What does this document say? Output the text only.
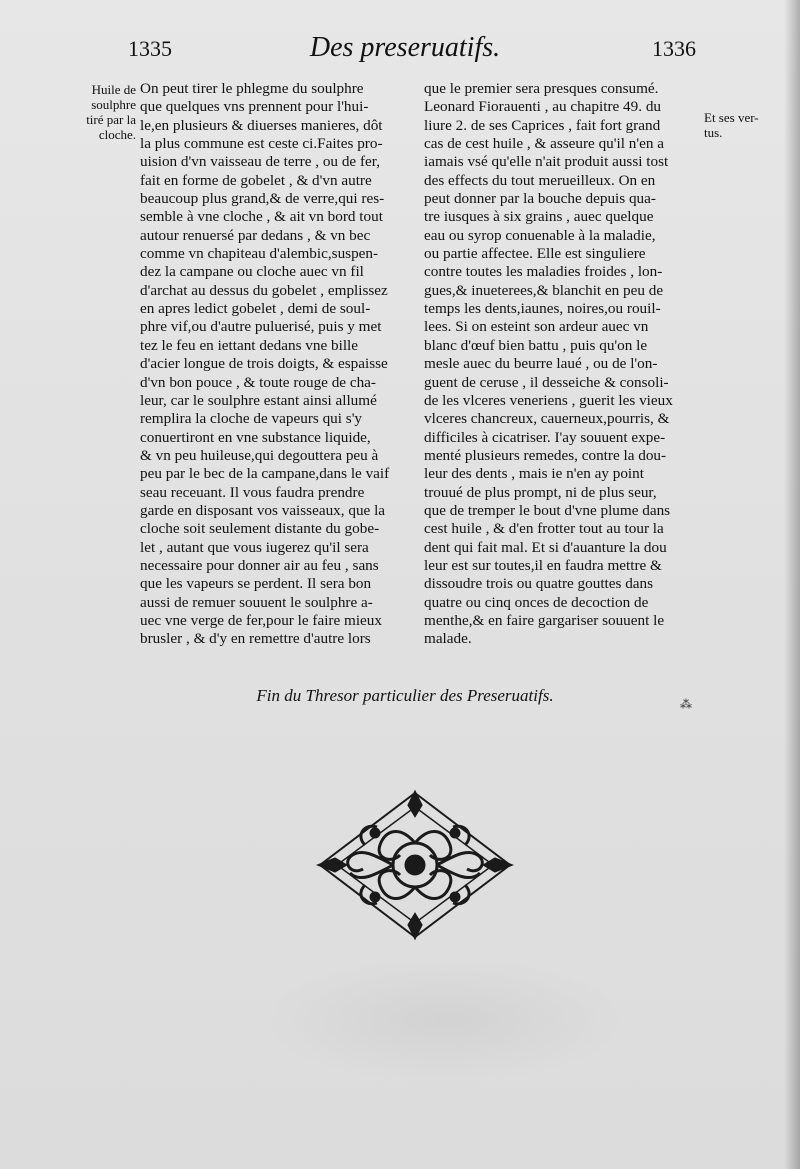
1335	Des preseruatifs.	1336
Huile de
soulphre
tiré par la
cloche.
Et ses ver-
tus.
On peut tirer le phlegme du soulphre
que quelques vns prennent pour l'hui-
le,en plusieurs & diuerses manieres, dôt
la plus commune est ceste ci.Faites pro-
uision d'vn vaisseau de terre , ou de fer,
fait en forme de gobelet , & d'vn autre
beaucoup plus grand,& de verre,qui res-
semble à vne cloche , & ait vn bord tout
autour renuersé par dedans , & vn bec
comme vn chapiteau d'alembic,suspen-
dez la campane ou cloche auec vn fil
d'archat au dessus du gobelet , emplissez
en apres ledict gobelet , demi de soul-
phre vif,ou d'autre puluerisé, puis y met
tez le feu en iettant dedans vne bille
d'acier longue de trois doigts, & espaisse
d'vn bon pouce , & toute rouge de cha-
leur, car le soulphre estant ainsi allumé
remplira la cloche de vapeurs qui s'y
conuertiront en vne substance liquide,
& vn peu huileuse,qui degouttera peu à
peu par le bec de la campane,dans le vaif
seau receuant. Il vous faudra prendre
garde en disposant vos vaisseaux, que la
cloche soit seulement distante du gobe-
let , autant que vous iugerez qu'il sera
necessaire pour donner air au feu , sans
que les vapeurs se perdent. Il sera bon
aussi de remuer souuent le soulphre a-
uec vne verge de fer,pour le faire mieux
brusler , & d'y en remettre d'autre lors
que le premier sera presques consumé.
Leonard Fiorauenti , au chapitre 49. du
liure 2. de ses Caprices , fait fort grand
cas de cest huile , & asseure qu'il n'en a
iamais vsé qu'elle n'ait produit aussi tost
des effects du tout merueilleux. On en
peut donner par la bouche depuis qua-
tre iusques à six grains , auec quelque
eau ou syrop conuenable à la maladie,
ou partie affectee. Elle est singuliere
contre toutes les maladies froides , lon-
gues,& inueterees,& blanchit en peu de
temps les dents,iaunes, noires,ou rouil-
lees. Si on esteint son ardeur auec vn
blanc d'œuf bien battu , puis qu'on le
mesle auec du beurre laué , ou de l'on-
guent de ceruse , il desseiche & consoli-
de les vlceres veneriens , guerit les vieux
vlceres chancreux, cauerneux,pourris, &
difficiles à cicatriser. I'ay souuent expe-
menté plusieurs remedes, contre la dou-
leur des dents , mais ie n'en ay point
trouué de plus prompt, ni de plus seur,
que de tremper le bout d'vne plume dans
cest huile , & d'en frotter tout au tour la
dent qui fait mal. Et si d'auanture la dou
leur est sur toutes,il en faudra mettre &
dissoudre trois ou quatre gouttes dans
quatre ou cinq onces de decoction de
menthe,& en faire gargariser souuent le
malade.
Fin du Thresor particulier des Preseruatifs.	⁂
